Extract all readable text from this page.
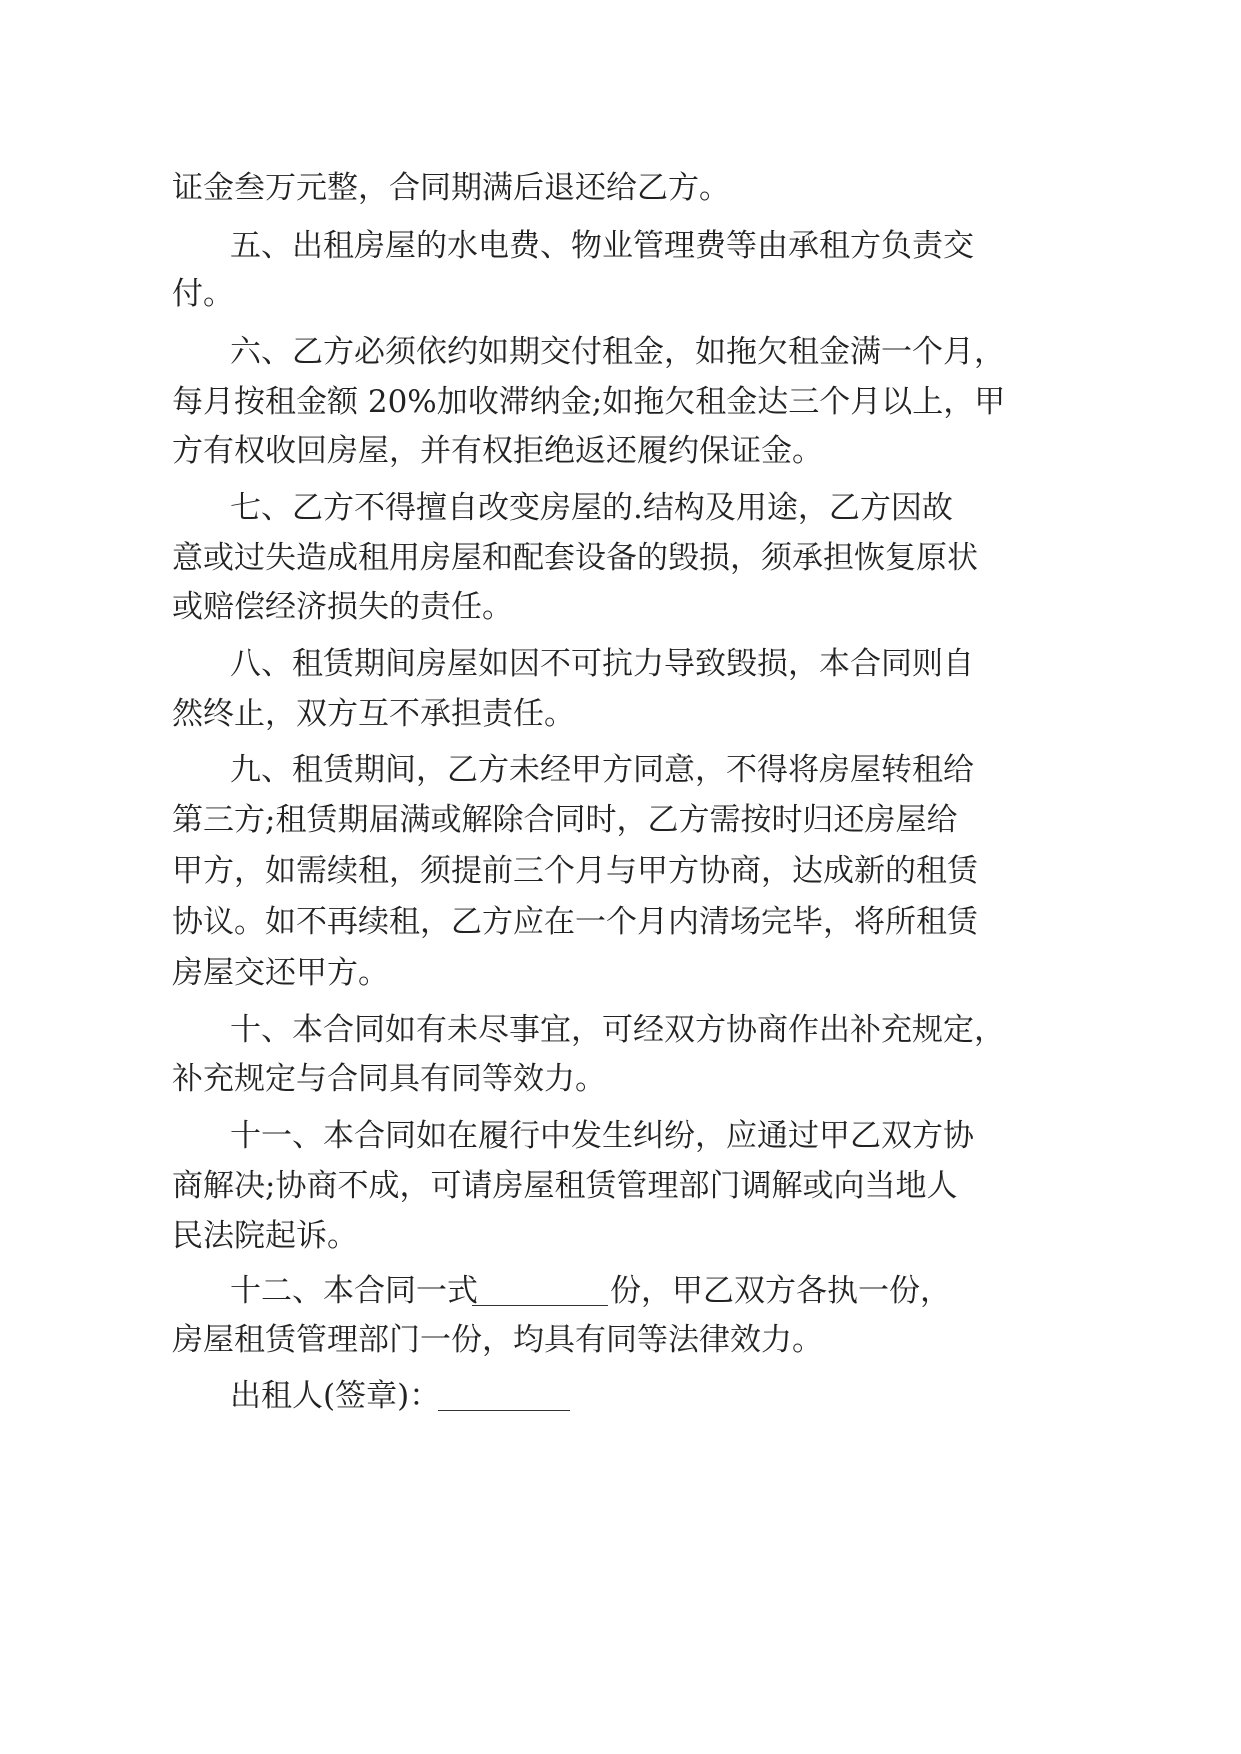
证金叁万元整，合同期满后退还给乙方。
五、出租房屋的水电费、物业管理费等由承租方负责交
付。
六、乙方必须依约如期交付租金，如拖欠租金满一个月，
每月按租金额 20%加收滞纳金;如拖欠租金达三个月以上，甲
方有权收回房屋，并有权拒绝返还履约保证金。
七、乙方不得擅自改变房屋的.结构及用途，乙方因故
意或过失造成租用房屋和配套设备的毁损，须承担恢复原状
或赔偿经济损失的责任。
八、租赁期间房屋如因不可抗力导致毁损，本合同则自
然终止，双方互不承担责任。
九、租赁期间，乙方未经甲方同意，不得将房屋转租给
第三方;租赁期届满或解除合同时，乙方需按时归还房屋给
甲方，如需续租，须提前三个月与甲方协商，达成新的租赁
协议。如不再续租，乙方应在一个月内清场完毕，将所租赁
房屋交还甲方。
十、本合同如有未尽事宜，可经双方协商作出补充规定，
补充规定与合同具有同等效力。
十一、本合同如在履行中发生纠纷，应通过甲乙双方协
商解决;协商不成，可请房屋租赁管理部门调解或向当地人
民法院起诉。
十二、本合同一式	份，甲乙双方各执一份，
房屋租赁管理部门一份，均具有同等法律效力。
出租人(签章)：
